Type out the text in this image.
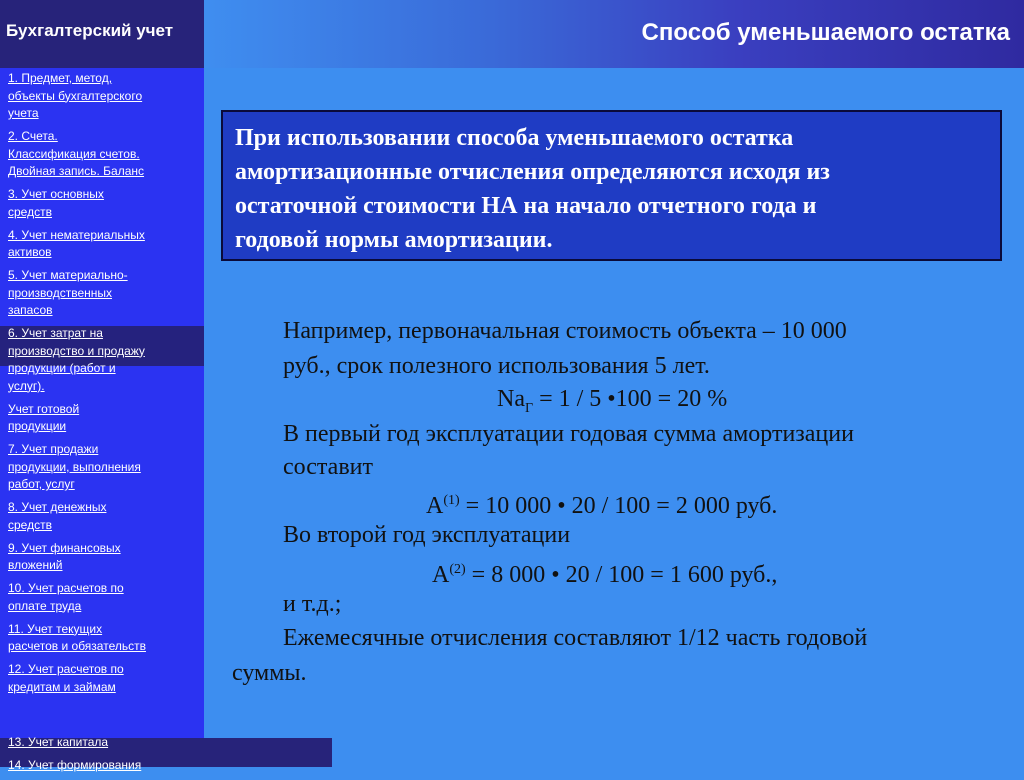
Способ уменьшаемого остатка
Бухгалтерский учет
1. Предмет, метод,
объекты бухгалтерского
учета
2. Счета.
Классификация счетов.
Двойная запись. Баланс
3. Учет основных
средств
4. Учет нематериальных
активов
5. Учет материально-
производственных
запасов
6. Учет затрат на
производство и продажу
продукции (работ и
услуг).
Учет готовой
продукции
7. Учет продажи
продукции, выполнения
работ, услуг
8. Учет денежных
средств
9. Учет финансовых
вложений
10. Учет расчетов по
оплате труда
11. Учет текущих
расчетов и обязательств
12. Учет расчетов по
кредитам и займам

При использовании способа уменьшаемого остатка
амортизационные отчисления определяются исходя из
остаточной стоимости НА на начало отчетного года и
годовой нормы амортизации.

Например, первоначальная стоимость объекта – 10 000
руб., срок полезного использования 5 лет.
$Na_Г = 1 / 5$ •100 = 20 %
В первый год эксплуатации годовая сумма амортизации
составит
$А^{(1)} = 10$ 000 • 20 / 100 = 2 000 руб.
Во второй год эксплуатации
$А^{(2)} = 8$ 000 • 20 / 100 = 1 600 руб.,
и т.д.;
Ежемесячные отчисления составляют 1/12 часть годовой
суммы.
13. Учет капитала
14. Учет формирования
